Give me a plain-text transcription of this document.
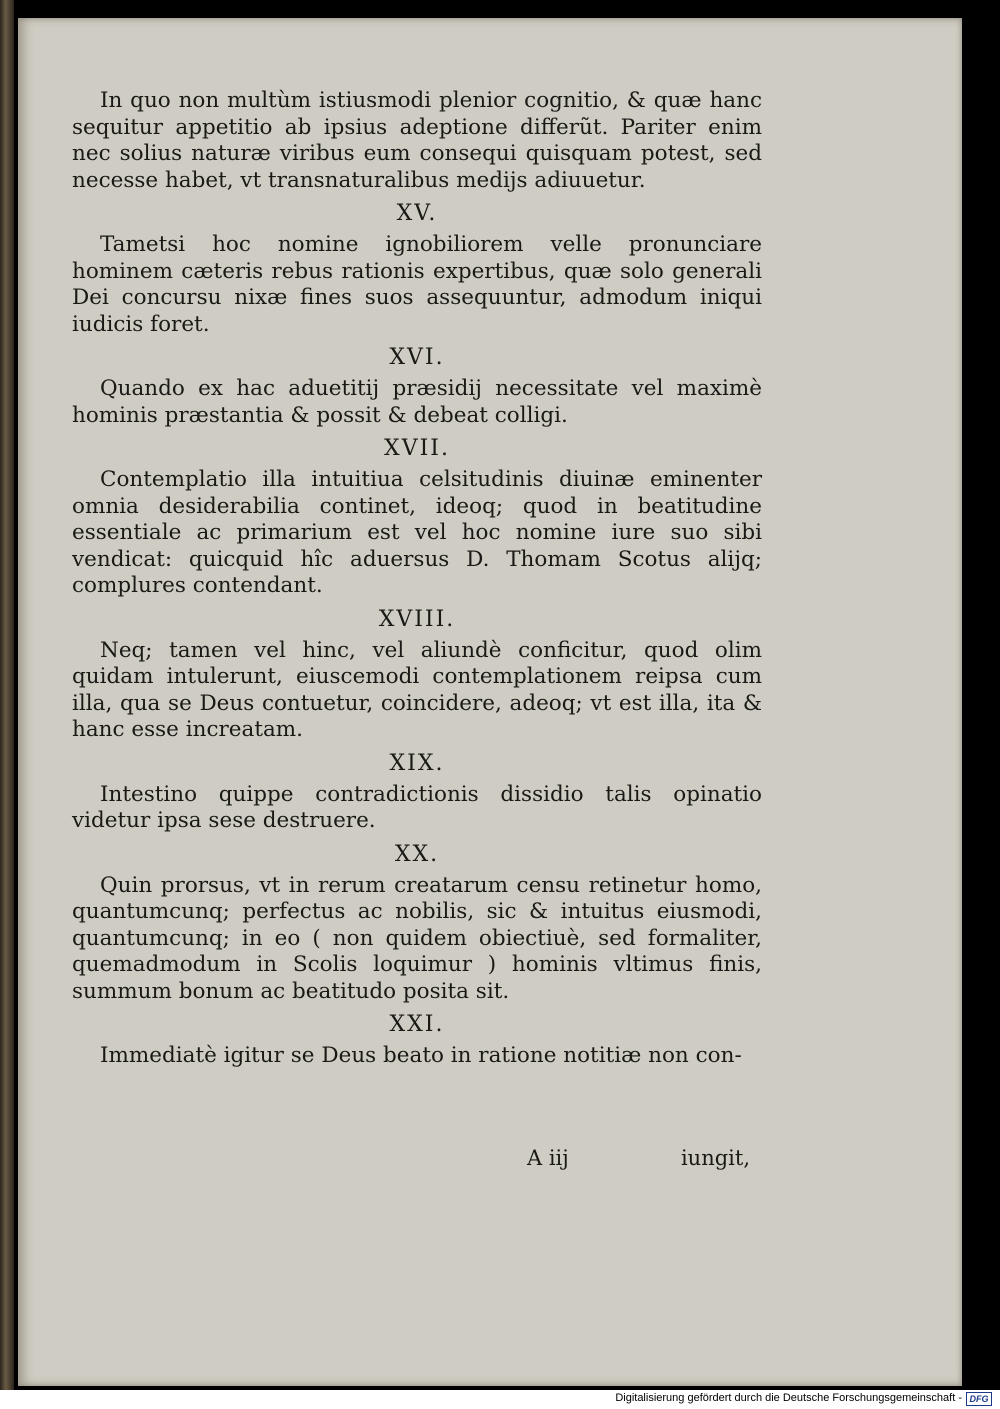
In quo non multùm istiusmodi plenior cognitio, & quæ hanc sequitur appetitio ab ipsius adeptione differũt. Pariter enim nec solius naturæ viribus eum consequi quisquam potest, sed necesse habet, vt transnaturalibus medijs adiuuetur.

XV.

Tametsi hoc nomine ignobiliorem velle pronunciare hominem cæteris rebus rationis expertibus, quæ solo generali Dei concursu nixæ fines suos assequuntur, admodum iniqui iudicis foret.

XVI.

Quando ex hac aduetitij præsidij necessitate vel maximè hominis præstantia & possit & debeat colligi.

XVII.

Contemplatio illa intuitiua celsitudinis diuinæ eminenter omnia desiderabilia continet, ideoq; quod in beatitudine essentiale ac primarium est vel hoc nomine iure suo sibi vendicat: quicquid hîc aduersus D. Thomam Scotus alijq; complures contendant.

XVIII.

Neq; tamen vel hinc, vel aliundè conficitur, quod olim quidam intulerunt, eiuscemodi contemplationem reipsa cum illa, qua se Deus contuetur, coincidere, adeoq; vt est illa, ita & hanc esse increatam.

XIX.

Intestino quippe contradictionis dissidio talis opinatio videtur ipsa sese destruere.

XX.

Quin prorsus, vt in rerum creatarum censu retinetur homo, quantumcunq; perfectus ac nobilis, sic & intuitus eiusmodi, quantumcunq; in eo ( non quidem obiectiuè, sed formaliter, quemadmodum in Scolis loquimur ) hominis vltimus finis, summum bonum ac beatitudo posita sit.

XXI.

Immediatè igitur se Deus beato in ratione notitiæ non con-

A iij	iungit,
Digitalisierung gefördert durch die Deutsche Forschungsgemeinschaft - DFG
